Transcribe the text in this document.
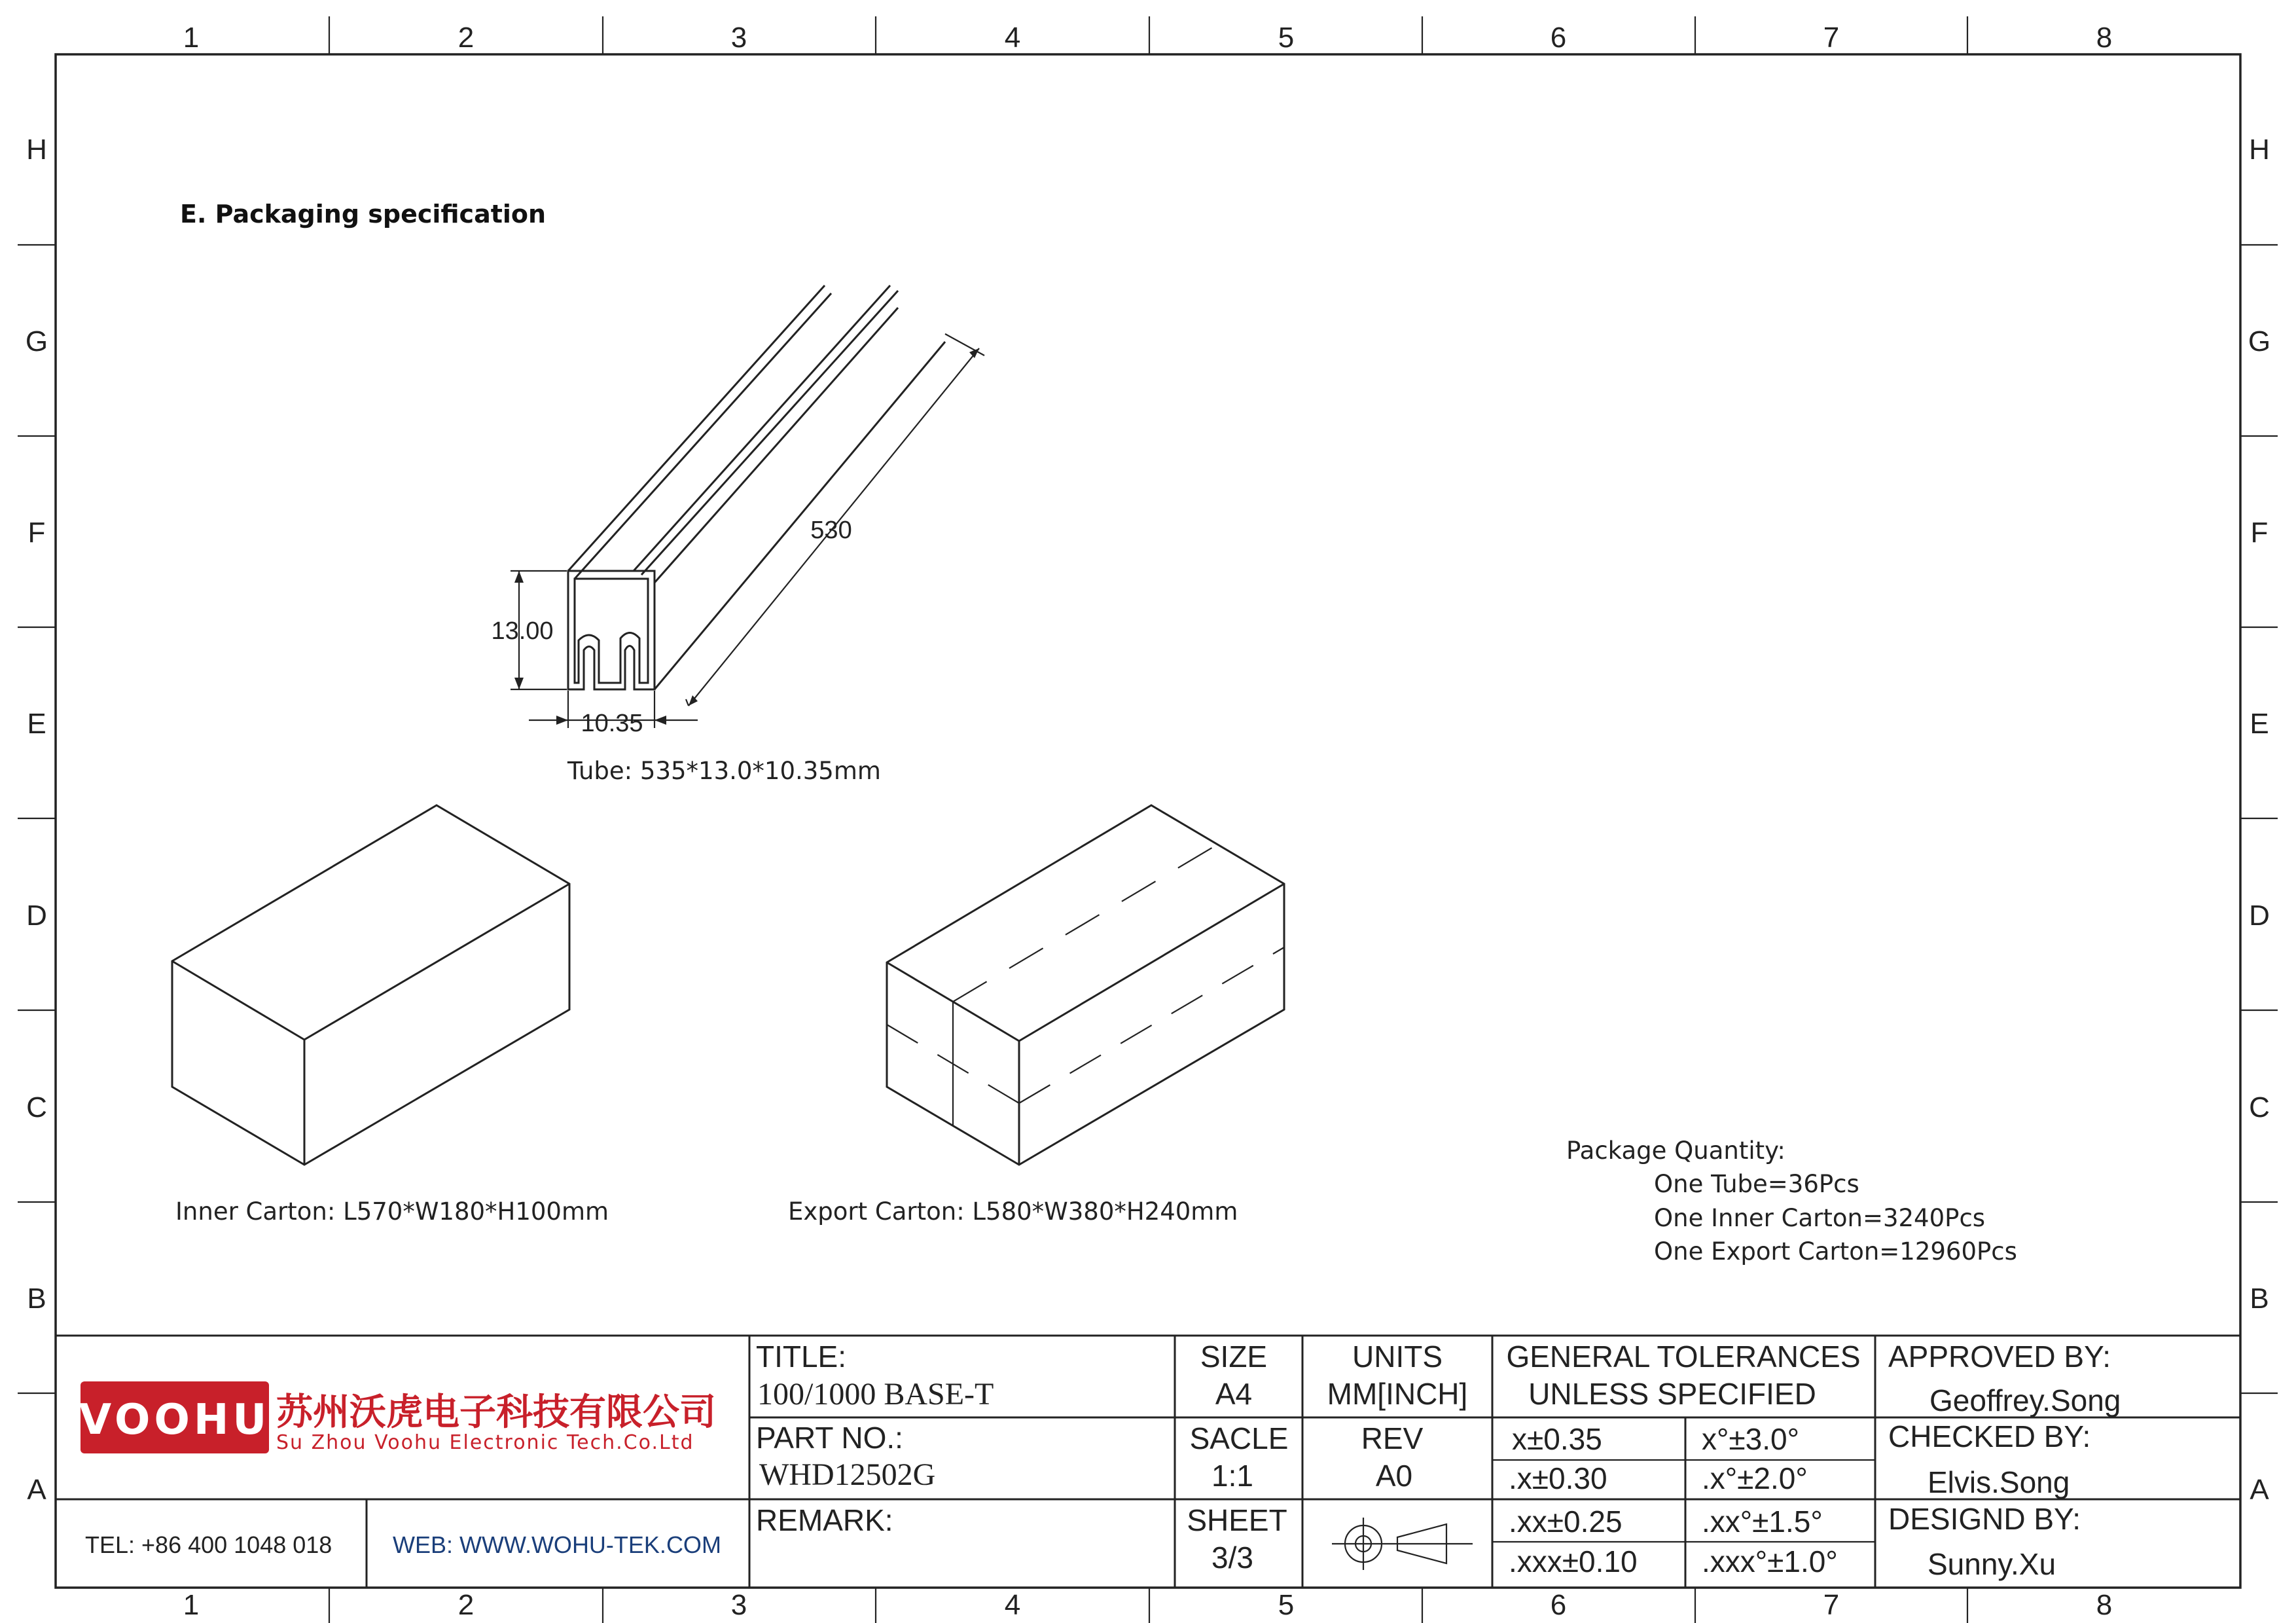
1	2	3	4	5	6	7	8
1	2	3	4	5	6	7	8
H
G
F
E
D
C
B
A
H
G
F
E
D
C
B
A
E. Packaging specification
530
13.00
10.35
Tube: 535*13.0*10.35mm
Inner Carton: L570*W180*H100mm	Export Carton: L580*W380*H240mm
Package Quantity:
One Tube=36Pcs
One Inner Carton=3240Pcs
One Export Carton=12960Pcs
VOOHU 苏州沃虎电子科技有限公司
Su Zhou Voohu Electronic Tech.Co.Ltd
TEL: +86 400 1048 018	WEB: WWW.WOHU-TEK.COM
TITLE:
100/1000 BASE-T
PART NO.:
WHD12502G
REMARK:
SIZE
A4
UNITS
MM[INCH]
SACLE
1:1
REV
A0
SHEET
3/3
GENERAL TOLERANCES
UNLESS SPECIFIED
x±0.35	x°±3.0°
.x±0.30	.x°±2.0°
.xx±0.25	.xx°±1.5°
.xxx±0.10 .xxx°±1.0°
APPROVED BY:
Geoffrey.Song
CHECKED BY:
Elvis.Song
DESIGND BY:
Sunny.Xu
